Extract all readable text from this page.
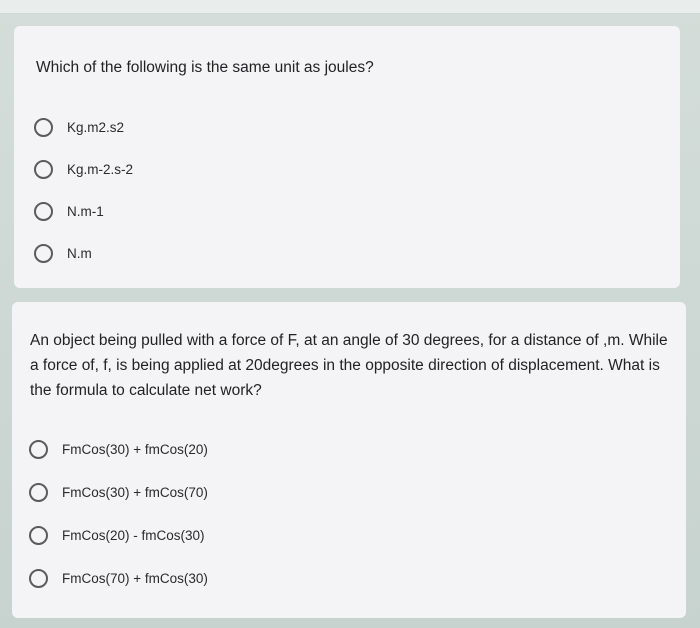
Which of the following is the same unit as joules?

Kg.m2.s2
Kg.m-2.s-2
N.m-1
N.m

An object being pulled with a force of F, at an angle of 30 degrees, for a distance of ,m. While a force of, f, is being applied at 20degrees in the opposite direction of displacement. What is the formula to calculate net work?

FmCos(30) + fmCos(20)
FmCos(30) + fmCos(70)
FmCos(20) - fmCos(30)
FmCos(70) + fmCos(30)
